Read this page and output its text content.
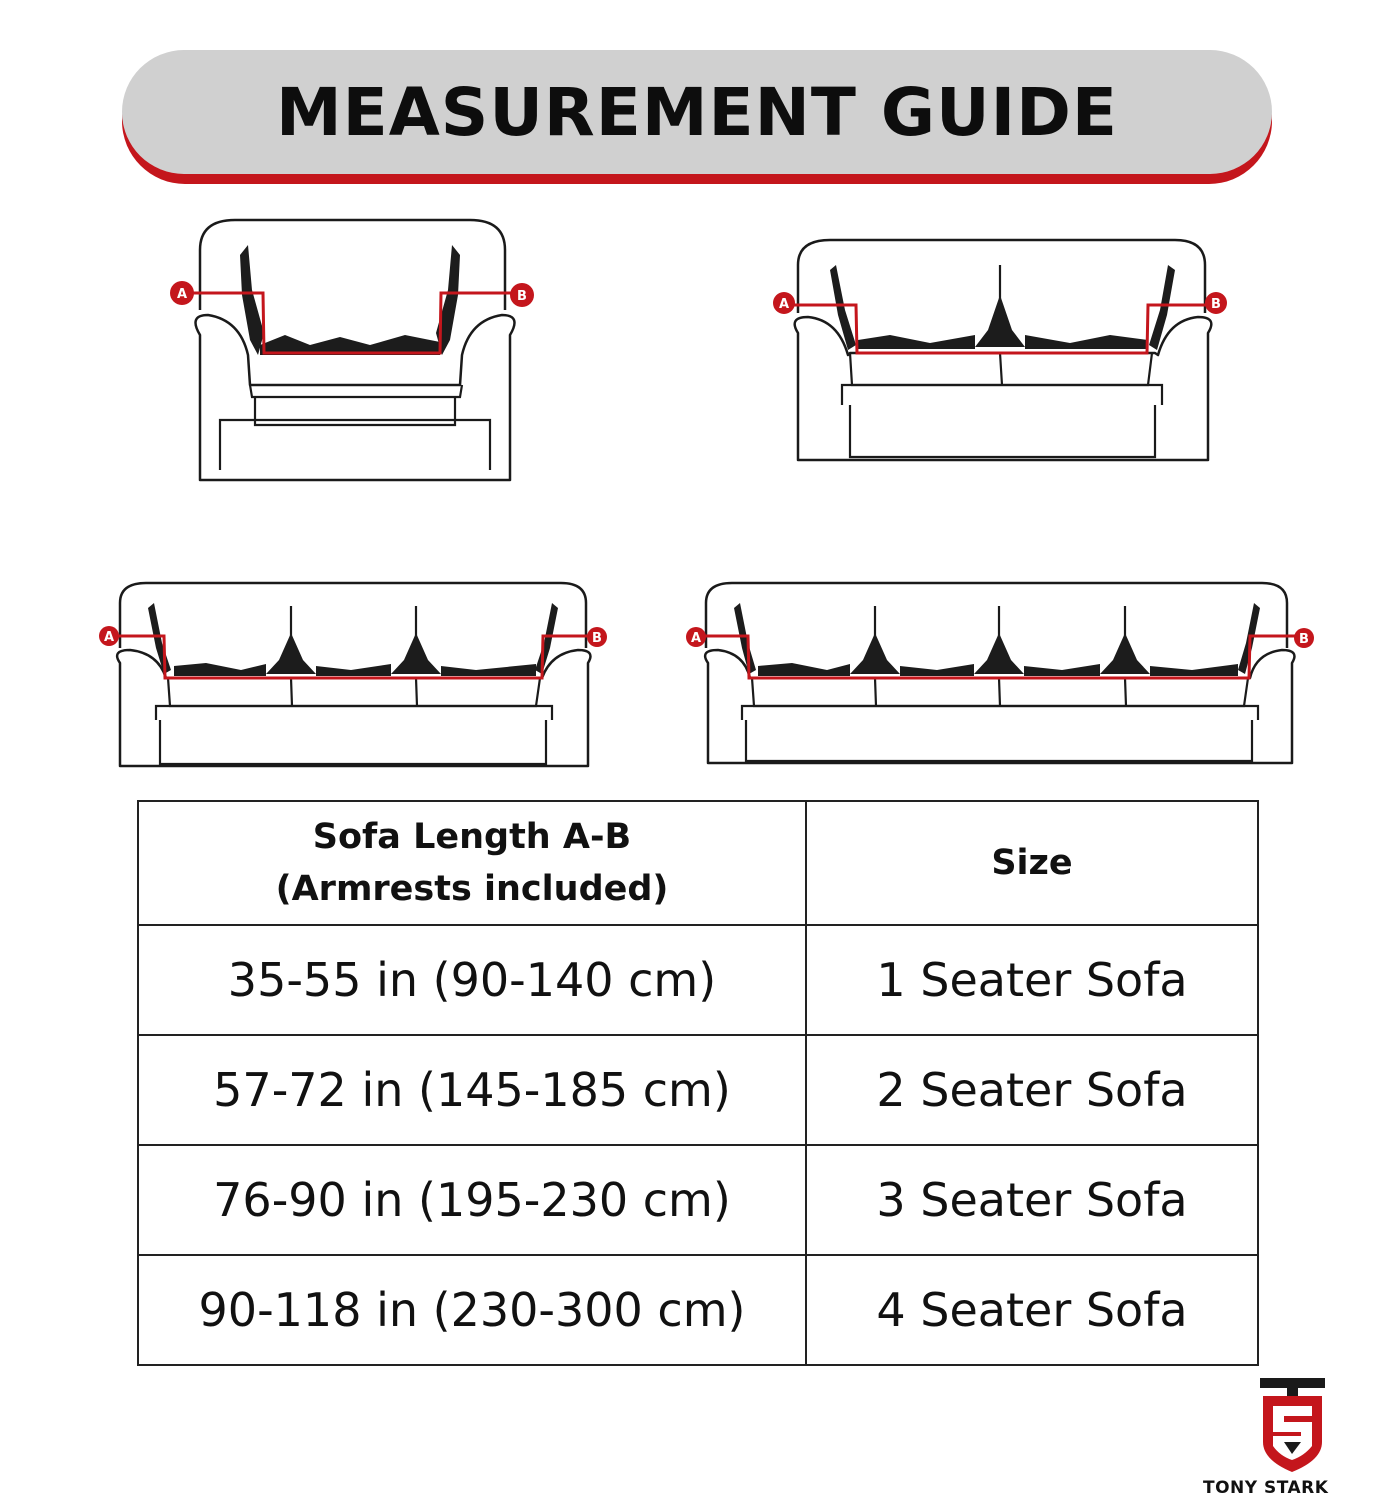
MEASUREMENT GUIDE
A	B
A	B
A	B	A	B
Sofa Length A-B
(Armrests included)	Size
35-55 in (90-140 cm)	1 Seater Sofa
57-72 in (145-185 cm)	2 Seater Sofa
76-90 in (195-230 cm)	3 Seater Sofa
90-118 in (230-300 cm)	4 Seater Sofa
TONY STARK
